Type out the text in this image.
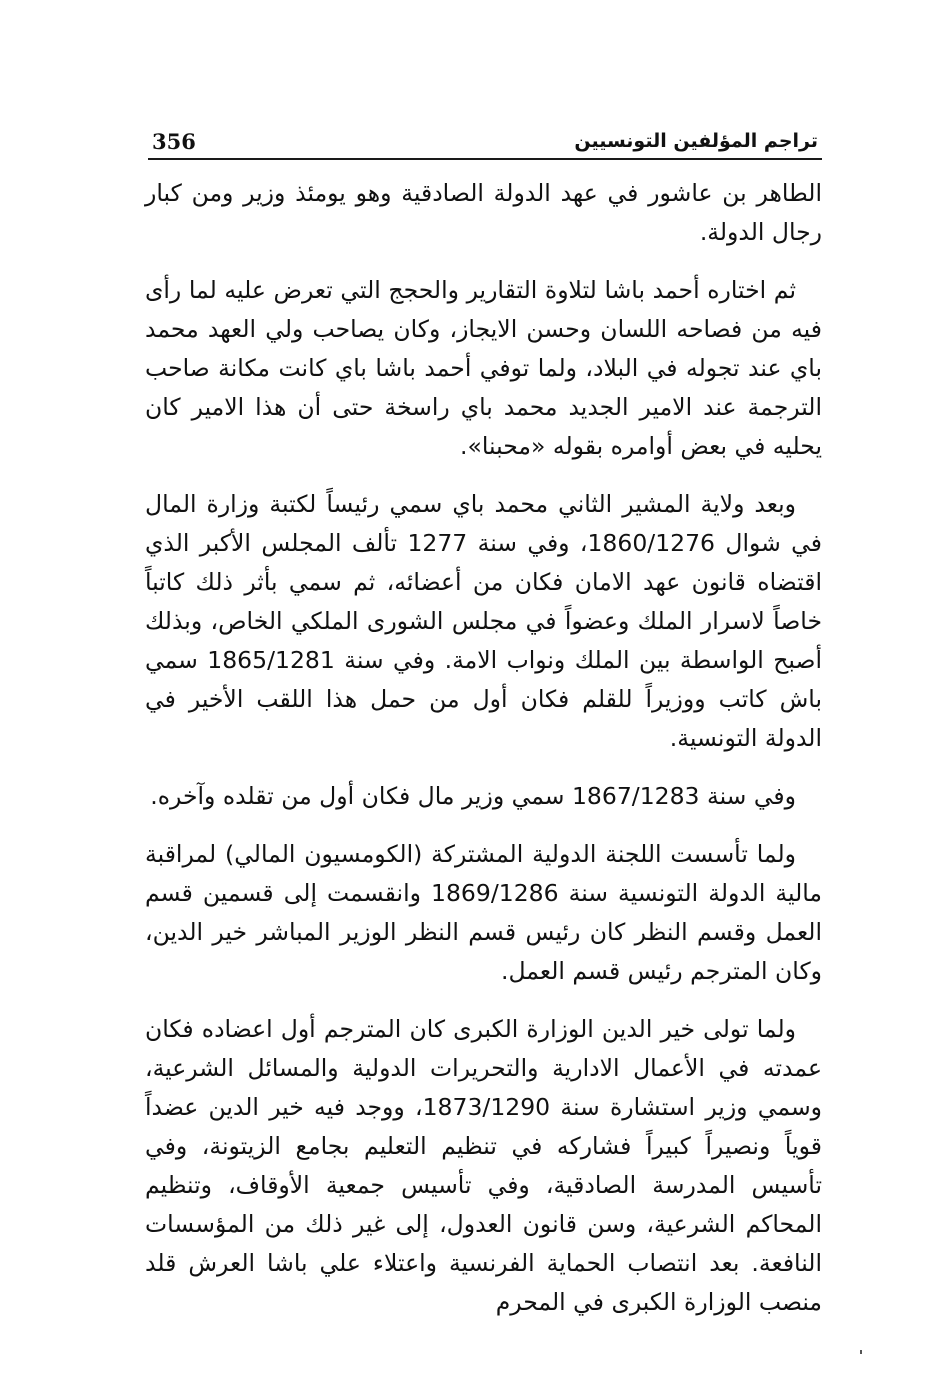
356	تراجم المؤلفين التونسيين

الطاهر بن عاشور في عهد الدولة الصادقية وهو يومئذ وزير ومن كبار رجال الدولة.

ثم اختاره أحمد باشا لتلاوة التقارير والحجج التي تعرض عليه لما رأى فيه من فصاحه اللسان وحسن الايجاز، وكان يصاحب ولي العهد محمد باي عند تجوله في البلاد، ولما توفي أحمد باشا باي كانت مكانة صاحب الترجمة عند الامير الجديد محمد باي راسخة حتى أن هذا الامير كان يحليه في بعض أوامره بقوله «محبنا».

وبعد ولاية المشير الثاني محمد باي سمي رئيساً لكتبة وزارة المال في شوال 1860/1276، وفي سنة 1277 تألف المجلس الأكبر الذي اقتضاه قانون عهد الامان فكان من أعضائه، ثم سمي بأثر ذلك كاتباً خاصاً لاسرار الملك وعضواً في مجلس الشورى الملكي الخاص، وبذلك أصبح الواسطة بين الملك ونواب الامة. وفي سنة 1865/1281 سمي باش كاتب ووزيراً للقلم فكان أول من حمل هذا اللقب الأخير في الدولة التونسية.

وفي سنة 1867/1283 سمي وزير مال فكان أول من تقلده وآخره.

ولما تأسست اللجنة الدولية المشتركة (الكومسيون المالي) لمراقبة مالية الدولة التونسية سنة 1869/1286 وانقسمت إلى قسمين قسم العمل وقسم النظر كان رئيس قسم النظر الوزير المباشر خير الدين، وكان المترجم رئيس قسم العمل.

ولما تولى خير الدين الوزارة الكبرى كان المترجم أول اعضاده فكان عمدته في الأعمال الادارية والتحريرات الدولية والمسائل الشرعية، وسمي وزير استشارة سنة 1873/1290، ووجد فيه خير الدين عضداً قوياً ونصيراً كبيراً فشاركه في تنظيم التعليم بجامع الزيتونة، وفي تأسيس المدرسة الصادقية، وفي تأسيس جمعية الأوقاف، وتنظيم المحاكم الشرعية، وسن قانون العدول، إلى غير ذلك من المؤسسات النافعة. بعد انتصاب الحماية الفرنسية واعتلاء علي باشا العرش قلد منصب الوزارة الكبرى في المحرم
